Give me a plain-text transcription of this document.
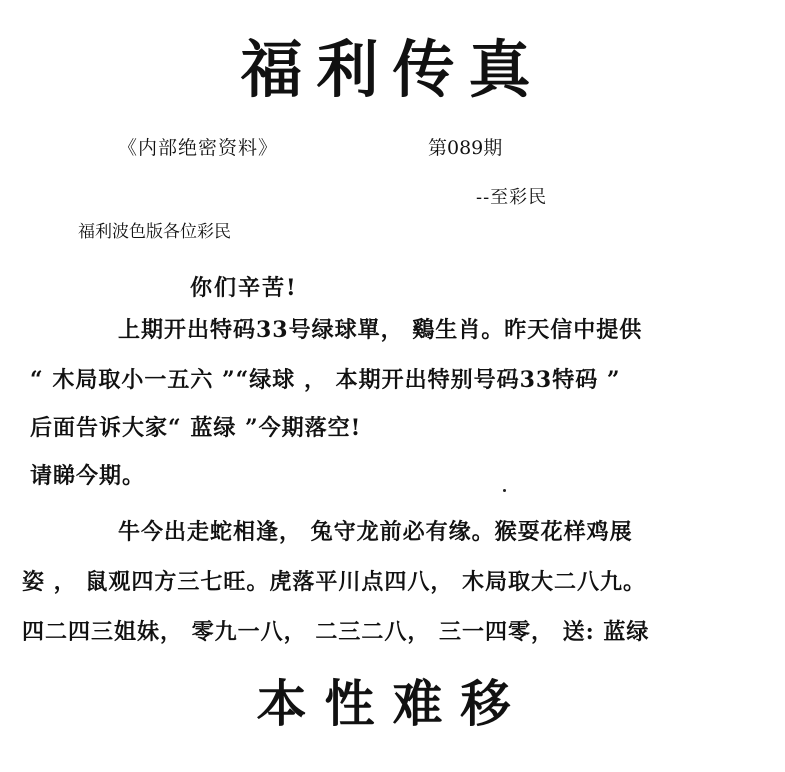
福利传真
《内部绝密资料》	第089期
--至彩民
福利波色版各位彩民
你们辛苦!
上期开出特码33号绿球單， 鷄生肖。昨天信中提供
“ 木局取小一五六 ”“绿球 ， 本期开出特别号码33特码 ”
后面告诉大家“ 蓝绿 ”今期落空!
请睇今期。
牛今出走蛇相逢， 兔守龙前必有缘。猴耍花样鸡展
姿 ， 鼠观四方三七旺。虎落平川点四八， 木局取大二八九。
四二四三姐妹， 零九一八， 二三二八， 三一四零， 送: 蓝绿
本性难移
